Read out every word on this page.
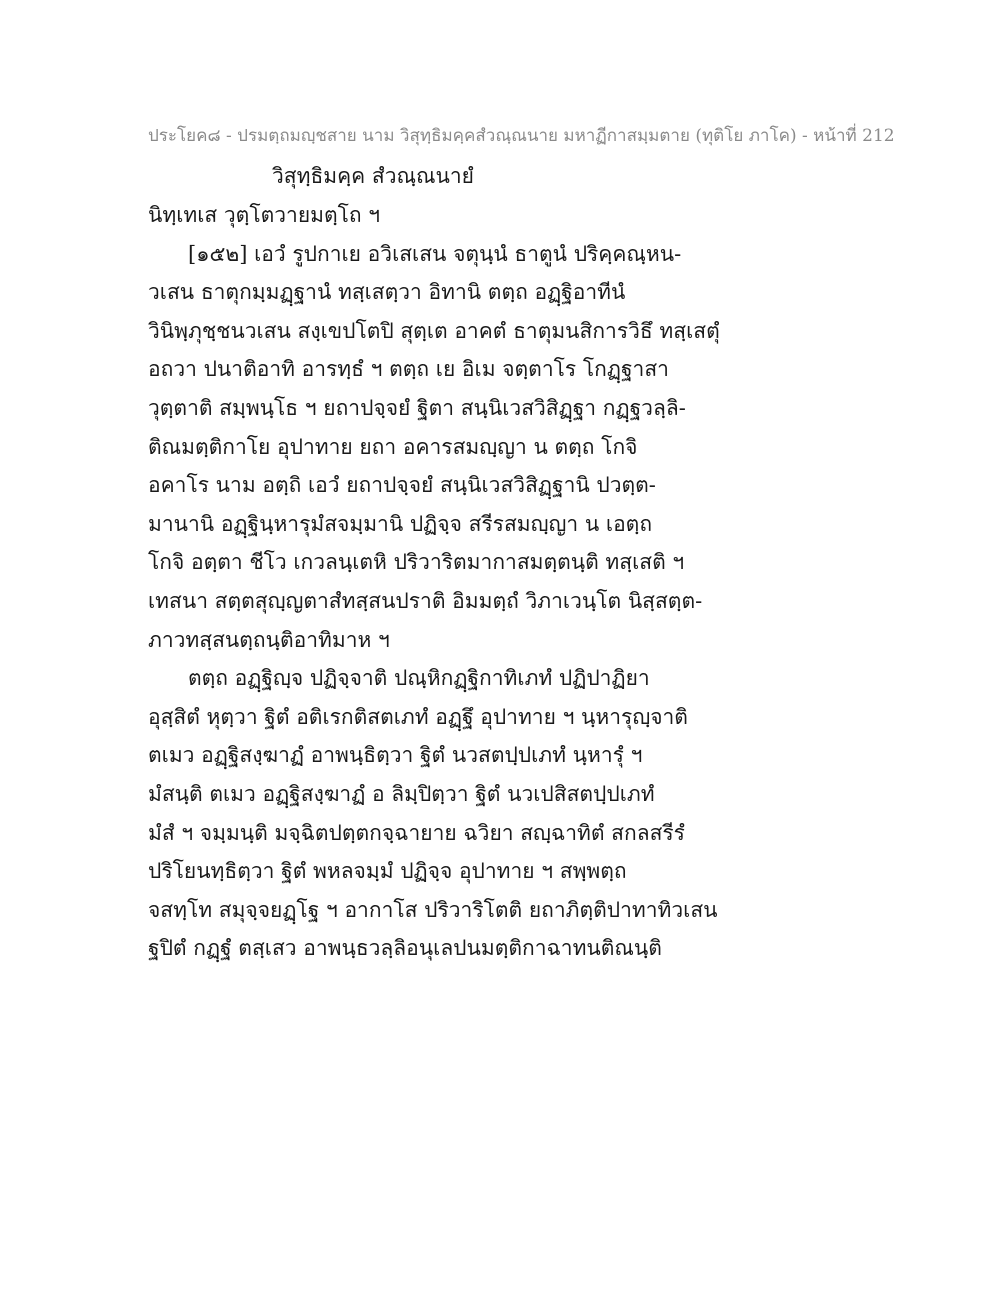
ประโยค๘ - ปรมตฺถมญฺชสาย นาม วิสุทฺธิมคฺคสํวณฺณนาย มหาฏีกาสมฺมตาย (ทุติโย ภาโค) - หน้าที่ 212
วิสุทฺธิมคฺค สํวณฺณนายํ
นิทฺเทเส วุตฺโตวายมตฺโถ ฯ
[๑๕๒] เอวํ รูปกาเย อวิเสเสน จตุนฺนํ ธาตูนํ ปริคฺคณฺหน-
วเสน ธาตุกมฺมฏฺฐานํ ทสฺเสตฺวา อิทานิ ตตฺถ อฏฺฐิอาทีนํ
วินิพฺภุชฺชนวเสน สงฺเขปโตปิ สุตฺเต อาคตํ ธาตุมนสิการวิธึ ทสฺเสตุํ
อถวา ปนาติอาทิ อารทฺธํ ฯ ตตฺถ เย อิเม จตฺตาโร โกฏฺฐาสา
วุตฺตาติ สมฺพนฺโธ ฯ ยถาปจฺจยํ ฐิตา สนฺนิเวสวิสิฏฺฐา กฏฺฐวลฺลิ-
ติณมตฺติกาโย อุปาทาย ยถา อคารสมญฺญา น ตตฺถ โกจิ
อคาโร นาม อตฺถิ เอวํ ยถาปจฺจยํ สนฺนิเวสวิสิฏฺฐานิ ปวตฺต-
มานานิ อฏฺฐินฺหารุมํสจมฺมานิ ปฏิจฺจ สรีรสมญฺญา น เอตฺถ
โกจิ อตฺตา ชีโว เกวลนฺเตหิ ปริวาริตมากาสมตฺตนฺติ ทสฺเสติ ฯ
เทสนา สตฺตสุญฺญตาสํทสฺสนปราติ อิมมตฺถํ วิภาเวนฺโต นิสฺสตฺต-
ภาวทสฺสนตฺถนฺติอาทิมาห ฯ
ตตฺถ อฏฺฐิญฺจ ปฏิจฺจาติ ปณฺหิกฏฺฐิกาทิเภทํ ปฏิปาฏิยา
อุสฺสิตํ หุตฺวา ฐิตํ อติเรกติสตเภทํ อฏฺฐึ อุปาทาย ฯ นฺหารุญฺจาติ
ตเมว อฏฺฐิสงฺฆาฏํ อาพนฺธิตฺวา ฐิตํ นวสตปฺปเภทํ นฺหารุํ ฯ
มํสนฺติ ตเมว อฏฺฐิสงฺฆาฏํ อ ลิมฺปิตฺวา ฐิตํ นวเปสิสตปฺปเภทํ
มํสํ ฯ จมฺมนฺติ มจฺฉิตปตฺตกจฺฉายาย ฉวิยา สญฺฉาทิตํ สกลสรีรํ
ปริโยนทฺธิตฺวา ฐิตํ พหลจมฺมํ ปฏิจฺจ อุปาทาย ฯ สพฺพตฺถ
จสทฺโท สมุจฺจยฏฺโฐ ฯ อากาโส ปริวาริโตติ ยถาภิตฺติปาทาทิวเสน
ฐปิตํ กฏฺฐํ ตสฺเสว อาพนฺธวลฺลิอนุเลปนมตฺติกาฉาทนติณนฺติ
